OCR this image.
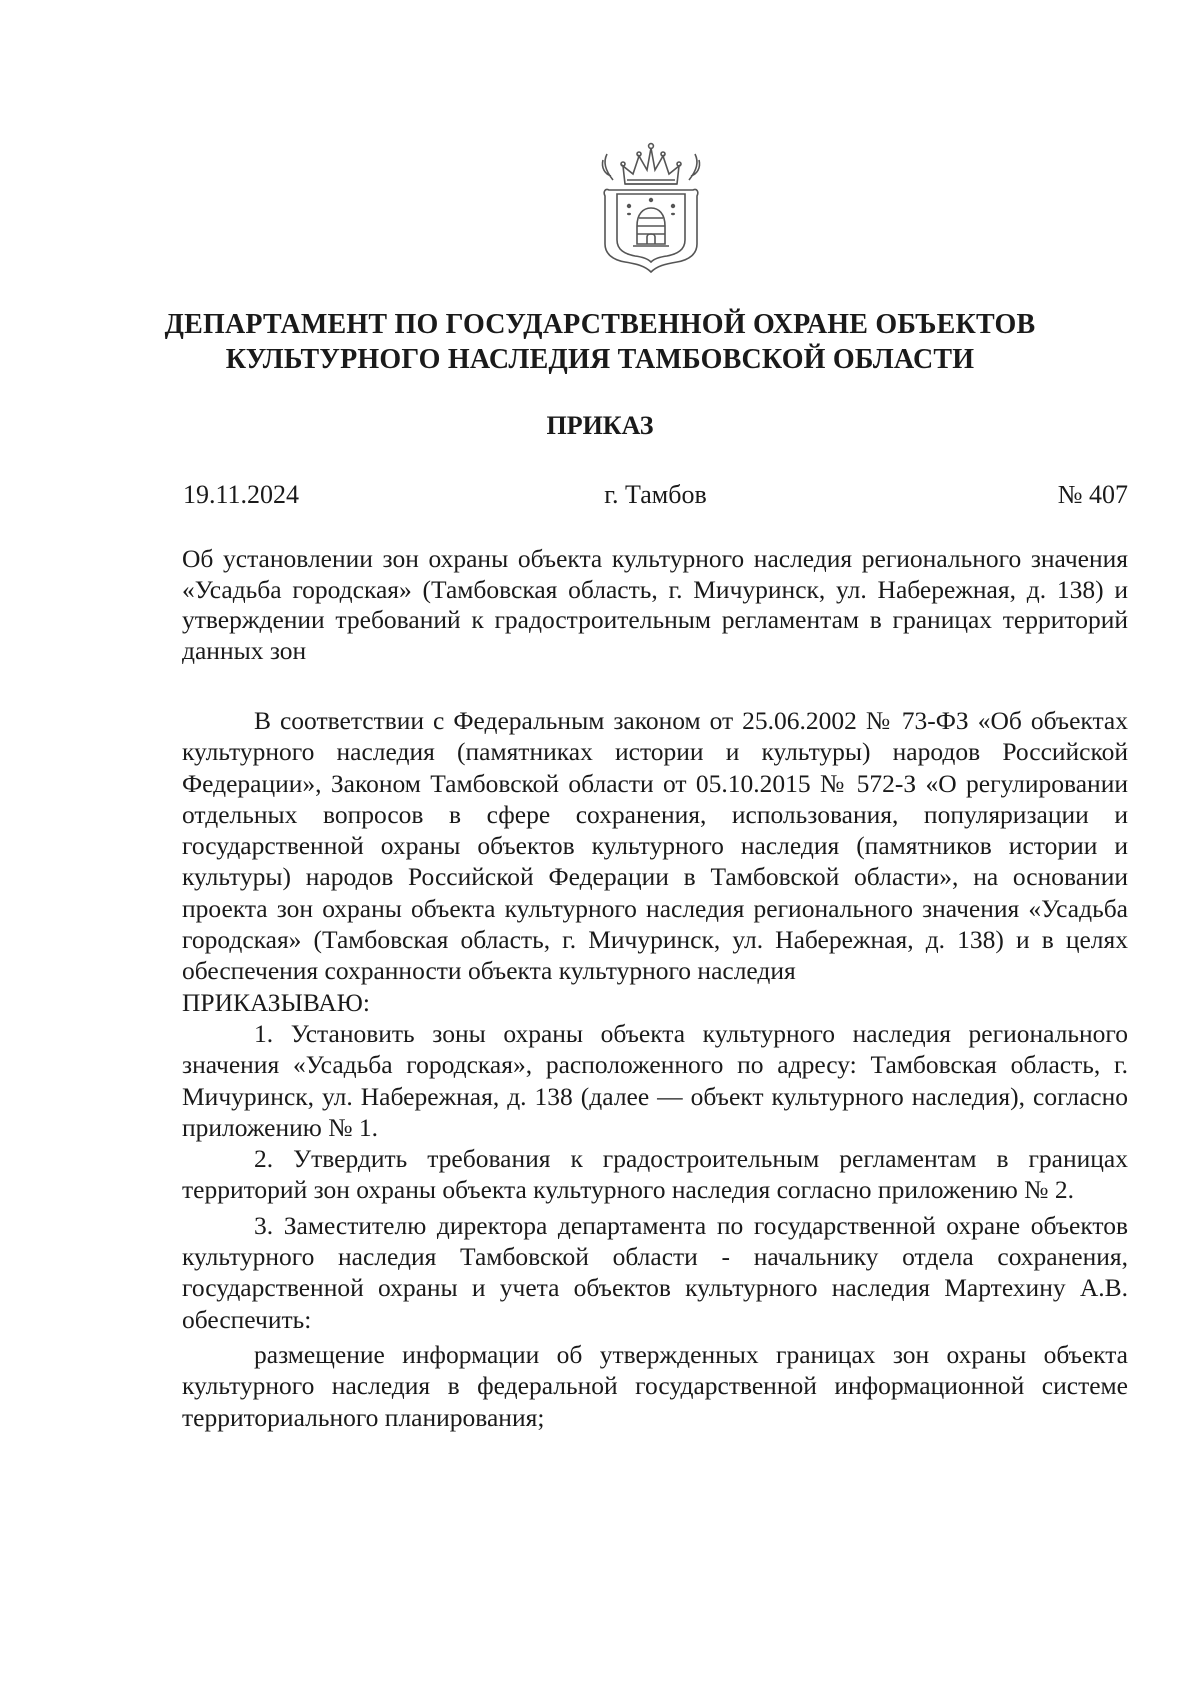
ДЕПАРТАМЕНТ ПО ГОСУДАРСТВЕННОЙ ОХРАНЕ ОБЪЕКТОВ
КУЛЬТУРНОГО НАСЛЕДИЯ ТАМБОВСКОЙ ОБЛАСТИ
ПРИКАЗ
19.11.2024	г. Тамбов	№ 407
Об установлении зон охраны объекта культурного наследия регионального значения «Усадьба городская» (Тамбовская область, г. Мичуринск, ул. Набережная, д. 138) и утверждении требований к градостроительным регламентам в границах территорий данных зон

В соответствии с Федеральным законом от 25.06.2002 № 73-ФЗ «Об объектах культурного наследия (памятниках истории и культуры) народов Российской Федерации», Законом Тамбовской области от 05.10.2015 № 572-З «О регулировании отдельных вопросов в сфере сохранения, использования, популяризации и государственной охраны объектов культурного наследия (памятников истории и культуры) народов Российской Федерации в Тамбовской области», на основании проекта зон охраны объекта культурного наследия регионального значения «Усадьба городская» (Тамбовская область, г. Мичуринск, ул. Набережная, д. 138) и в целях обеспечения сохранности объекта культурного наследия

ПРИКАЗЫВАЮ:

1. Установить зоны охраны объекта культурного наследия регионального значения «Усадьба городская», расположенного по адресу: Тамбовская область, г. Мичуринск, ул. Набережная, д. 138 (далее — объект культурного наследия), согласно приложению № 1.

2. Утвердить требования к градостроительным регламентам в границах территорий зон охраны объекта культурного наследия согласно приложению № 2.

3. Заместителю директора департамента по государственной охране объектов культурного наследия Тамбовской области - начальнику отдела сохранения, государственной охраны и учета объектов культурного наследия Мартехину А.В. обеспечить:

размещение информации об утвержденных границах зон охраны объекта культурного наследия в федеральной государственной информационной системе территориального планирования;
